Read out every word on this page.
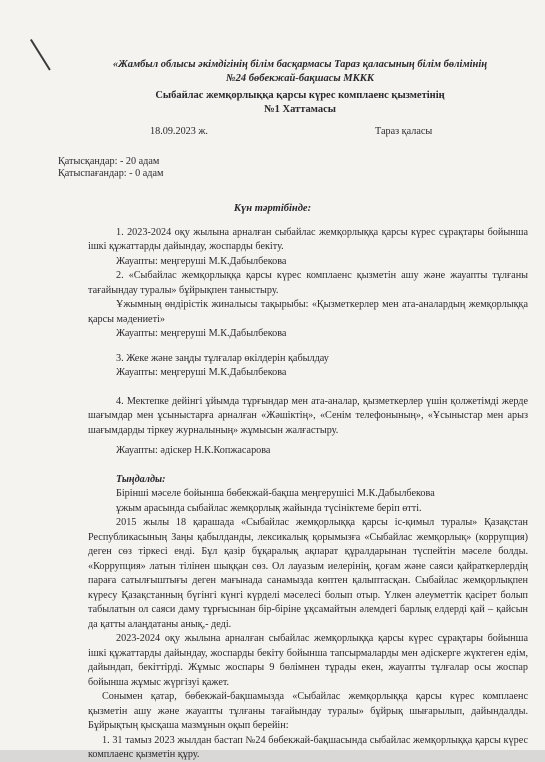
«Жамбыл облысы әкімдігінің білім басқармасы Тараз қаласының білім бөлімінің
№24 бөбекжай-бақшасы МККК
Сыбайлас жемқорлыққа қарсы күрес комплаенс қызметінің
№1 Хаттамасы
18.09.2023 ж.	Тараз қаласы
Қатысқандар: - 20 адам
Қатыспағандар: - 0 адам
Күн тәртібінде:

1. 2023-2024 оқу жылына арналған сыбайлас жемқорлыққа қарсы күрес сұрақтары бойынша ішкі құжаттарды дайындау, жоспарды бекіту.

Жауапты: меңгеруші М.К.Дабылбекова

2. «Сыбайлас жемқорлыққа қарсы күрес комплаенс қызметін ашу және жауапты тұлғаны тағайындау туралы» бұйрықпен таныстыру.

Ұжымның өндірістік жиналысы тақырыбы: «Қызметкерлер мен ата-аналардың жемқорлыққа қарсы мәдениеті»

Жауапты: меңгеруші М.К.Дабылбекова

3. Жеке және заңды тұлғалар өкілдерін қабылдау

Жауапты: меңгеруші М.К.Дабылбекова

4. Мектепке дейінгі ұйымда тұрғындар мен ата-аналар, қызметкерлер үшін қолжетімді жерде шағымдар мен ұсыныстарға арналған «Жәшіктің», «Сенім телефонының», «Ұсыныстар мен арыз шағымдарды тіркеу журналының» жұмысын жалғастыру.

Жауапты: әдіскер Н.К.Копжасарова

Тыңдалды:

Бірінші мәселе бойынша бөбекжай-бақша меңгерушісі М.К.Дабылбекова

ұжым арасында сыбайлас жемқорлық жайында түсініктеме беріп өтті.

2015 жылы 18 қарашада «Сыбайлас жемқорлыққа қарсы іс-қимыл туралы» Қазақстан Республикасының Заңы қабылданды, лексикалық қорымызға «Сыбайлас жемқорлық» (коррупция) деген сөз тіркесі енді. Бұл қазір бұқаралық ақпарат құралдарынан түспейтін мәселе болды. «Коррупция» латын тілінен шыққан сөз. Ол лауазым иелерінің, қоғам және саяси қайраткерлердің параға сатылғыштығы деген мағынада санамызда көптен қалыптасқан. Сыбайлас жемқорлықпен күресу Қазақстанның бүгінгі күнгі күрделі мәселесі болып отыр. Үлкен әлеуметтік қасірет болып табылатын ол саяси даму тұрғысынан бір-біріне ұқсамайтын әлемдегі барлық елдерді қай – қайсын да қатты алаңдатаны анық,- деді.

2023-2024 оқу жылына арналған сыбайлас жемқорлыққа қарсы күрес сұрақтары бойынша ішкі құжаттарды дайындау, жоспарды бекіту бойынша тапсырмаларды мен әдіскерге жүктеген едім, дайындап, бекіттірді. Жұмыс жоспары 9 бөлімнен тұрады екен, жауапты тұлғалар осы жоспар бойынша жұмыс жүргізуі қажет.

Сонымен қатар, бөбекжай-бақшамызда «Сыбайлас жемқорлыққа қарсы күрес комплаенс қызметін ашу және жауапты тұлғаны тағайындау туралы» бұйрық шығарылып, дайындалды. Бұйрықтың қысқаша мазмұнын оқып берейін:

1. 31 тамыз 2023 жылдан бастап №24 бөбекжай-бақшасында сыбайлас жемқорлыққа қарсы күрес комплаенс қызметін құру.
